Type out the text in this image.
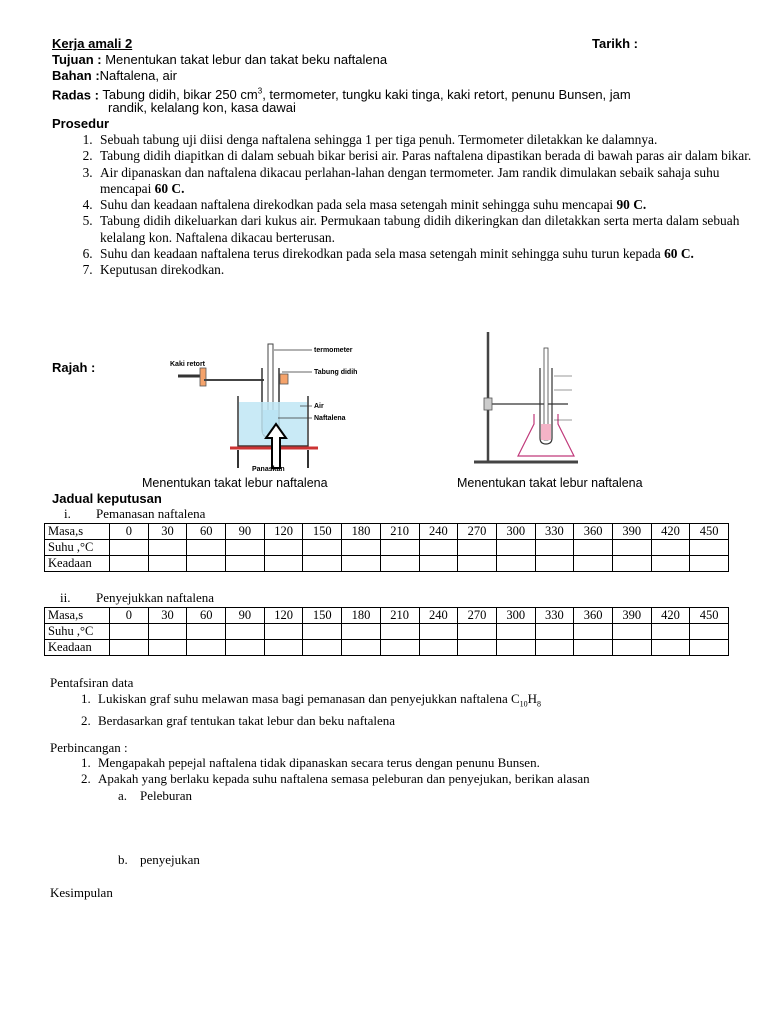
Kerja amali 2	Tarikh :
Tujuan : Menentukan takat lebur dan takat beku naftalena
Bahan :Naftalena, air
Radas : Tabung didih, bikar 250 $cm^3$, termometer, tungku kaki tinga, kaki retort, penunu Bunsen, jam
randik, kelalang kon, kasa dawai
Prosedur
1. Sebuah tabung uji diisi denga naftalena sehingga 1 per tiga penuh. Termometer diletakkan ke dalamnya.
2. Tabung didih diapitkan di dalam sebuah bikar berisi air. Paras naftalena dipastikan berada di bawah paras air dalam bikar.
3. Air dipanaskan dan naftalena dikacau perlahan-lahan dengan termometer. Jam randik dimulakan sebaik sahaja suhu mencapai 60 C.
4. Suhu dan keadaan naftalena direkodkan pada sela masa setengah minit sehingga suhu mencapai 90 C.
5. Tabung didih dikeluarkan dari kukus air. Permukaan tabung didih dikeringkan dan diletakkan serta merta dalam sebuah kelalang kon. Naftalena dikacau berterusan.
6. Suhu dan keadaan naftalena terus direkodkan pada sela masa setengah minit sehingga suhu turun kepada 60 C.
7. Keputusan direkodkan.
Rajah :	Kaki retort
termometer
Tabung didih
Air
Naftalena
Panaskan
Menentukan takat lebur naftalena	Menentukan takat lebur naftalena
Jadual keputusan
i. Pemanasan naftalena
Masa,s	0	30	60	90	120	150	180	210	240	270	300	330	360	390	420	450
Suhu ,°C																
Keadaan																
ii. Penyejukkan naftalena
Masa,s	0	30	60	90	120	150	180	210	240	270	300	330	360	390	420	450
Suhu ,°C																
Keadaan																
Pentafsiran data
1. Lukiskan graf suhu melawan masa bagi pemanasan dan penyejukkan naftalena $C_{10}H_8$
2. Berdasarkan graf tentukan takat lebur dan beku naftalena
Perbincangan :
1. Mengapakah pepejal naftalena tidak dipanaskan secara terus dengan penunu Bunsen.
2. Apakah yang berlaku kepada suhu naftalena semasa peleburan dan penyejukan, berikan alasan
a. Peleburan
b. penyejukan
Kesimpulan
